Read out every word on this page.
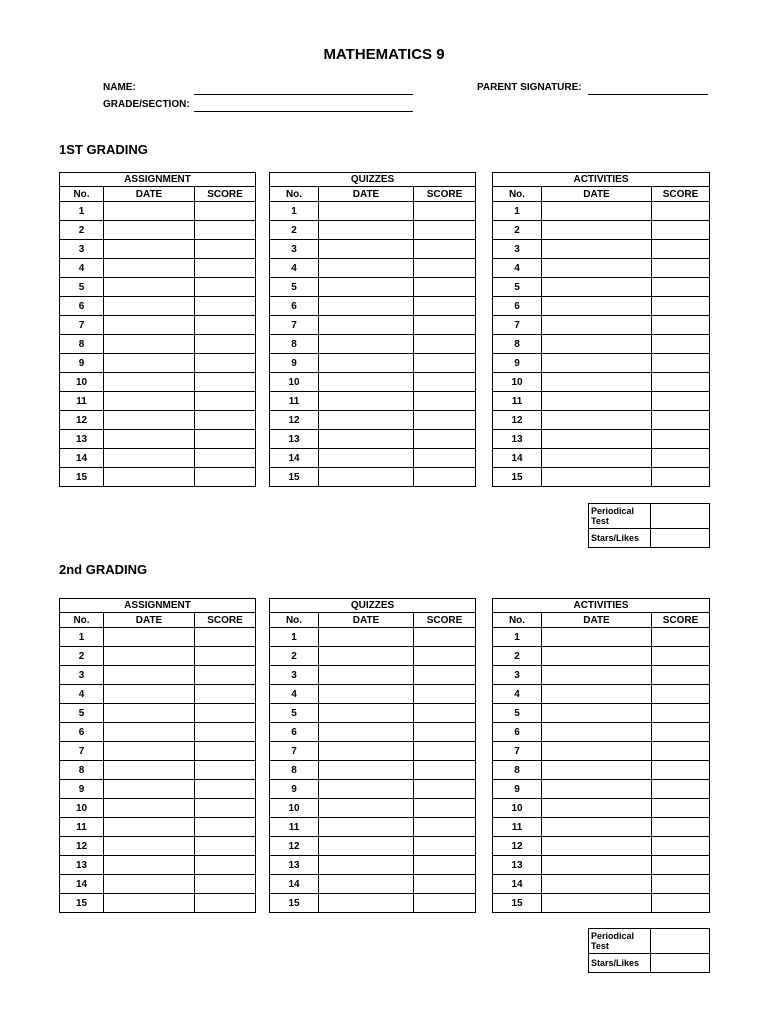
MATHEMATICS 9
NAME:
GRADE/SECTION:
PARENT SIGNATURE:
1ST GRADING
ASSIGNMENT		
No.	DATE	SCORE
1		
2		
3		
4		
5		
6		
7		
8		
9		
10		
11		
12		
13		
14		
15		
QUIZZES		
No.	DATE	SCORE
1		
2		
3		
4		
5		
6		
7		
8		
9		
10		
11		
12		
13		
14		
15		
ACTIVITIES		
No.	DATE	SCORE
1		
2		
3		
4		
5		
6		
7		
8		
9		
10		
11		
12		
13		
14		
15		
Periodical Test	
Stars/Likes	
2nd GRADING
ASSIGNMENT		
No.	DATE	SCORE
1		
2		
3		
4		
5		
6		
7		
8		
9		
10		
11		
12		
13		
14		
15		
QUIZZES		
No.	DATE	SCORE
1		
2		
3		
4		
5		
6		
7		
8		
9		
10		
11		
12		
13		
14		
15		
ACTIVITIES		
No.	DATE	SCORE
1		
2		
3		
4		
5		
6		
7		
8		
9		
10		
11		
12		
13		
14		
15		
Periodical Test	
Stars/Likes	
